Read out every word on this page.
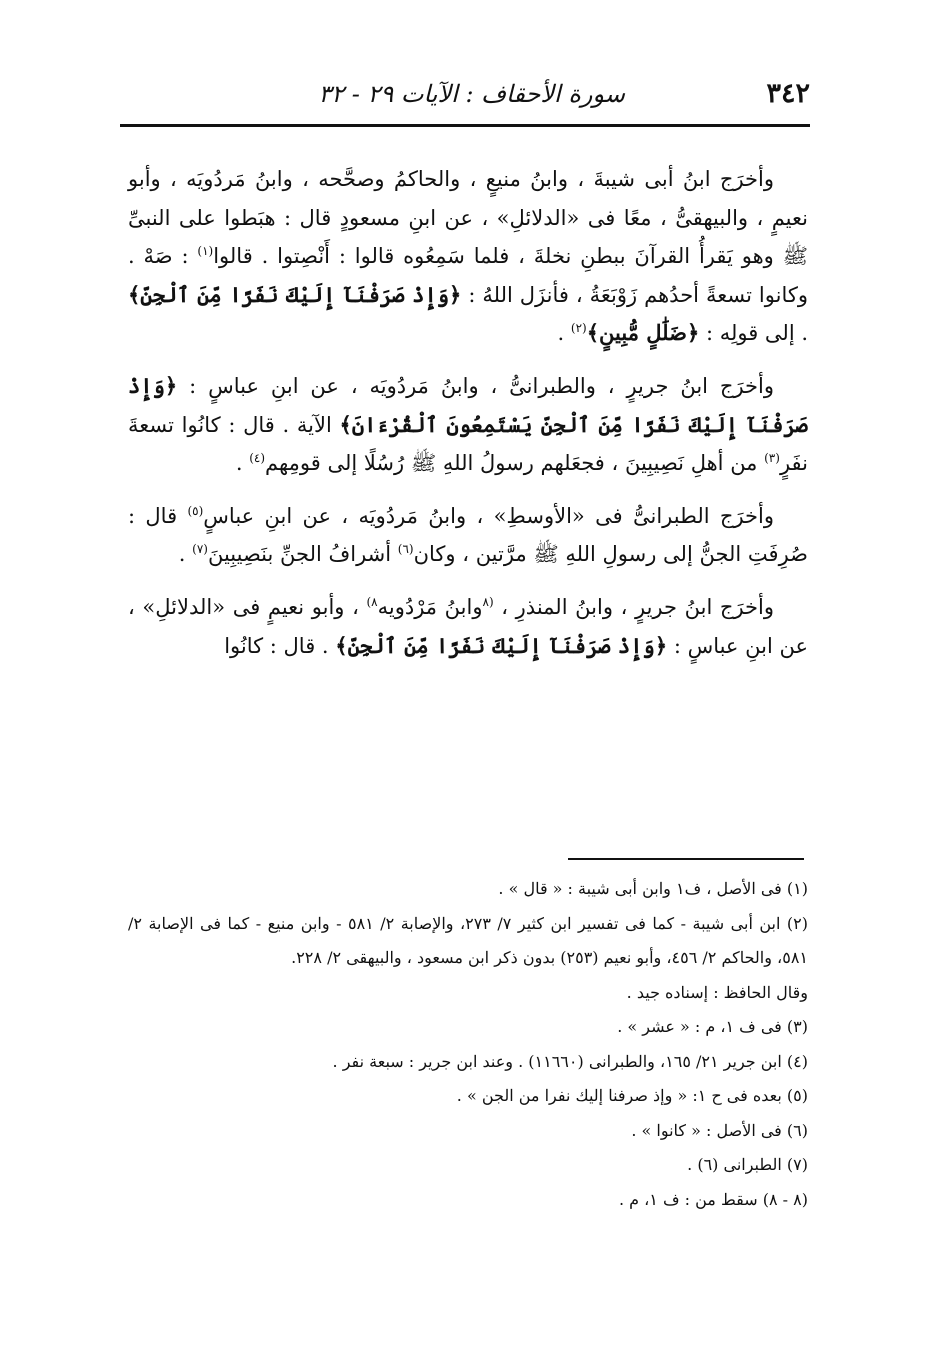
٣٤٢
سورة الأحقاف : الآيات ٢٩ - ٣٢

وأخرَج ابنُ أبى شيبةَ ، وابنُ منيعٍ ، والحاكمُ وصحَّحه ، وابنُ مَردُويَه ، وأبو نعيمٍ ، والبيهقىُّ ، معًا فى «الدلائلِ» ، عن ابنِ مسعودٍ قال : هبَطوا على النبىِّ ﷺ وهو يَقرأُ القرآنَ ببطنِ نخلةَ ، فلما سَمِعُوه قالوا : أَنْصِتوا . قالوا$^{(١)}$ : صَهْ . وكانوا تسعةً أحدُهم زَوْبَعَةُ ، فأنزَل اللهُ : ﴿وَإِذْ صَرَفْنَآ إِلَيْكَ نَفَرًا مِّنَ ٱلْجِنِّ﴾ . إلى قولِه : ﴿ضَلَٰلٍ مُّبِينٍ﴾$^{(٢)}$ .

وأخرَج ابنُ جريرٍ ، والطبرانىُّ ، وابنُ مَردُويَه ، عن ابنِ عباسٍ : ﴿وَإِذْ صَرَفْنَآ إِلَيْكَ نَفَرًا مِّنَ ٱلْجِنِّ يَسْتَمِعُونَ ٱلْقُرْءَانَ﴾ الآية . قال : كانُوا تسعةَ نفَرٍ$^{(٣)}$ من أهلِ نَصِيبِينَ ، فجعَلهم رسولُ اللهِ ﷺ رُسُلًا إلى قومِهم$^{(٤)}$ .

وأخرَج الطبرانىُّ فى «الأوسطِ» ، وابنُ مَردُويَه ، عن ابنِ عباسٍ$^{(٥)}$ قال : صُرِفَتِ الجنُّ إلى رسولِ اللهِ ﷺ مرَّتين ، وكان$^{(٦)}$ أشرافُ الجنِّ بنَصِيبِينَ$^{(٧)}$ .

وأخرَج ابنُ جريرٍ ، وابنُ المنذرِ ، $^{(٨}$وابنُ مَرْدُويه$^{٨)}$ ، وأبو نعيمٍ فى «الدلائلِ» ، عن ابنِ عباسٍ : ﴿وَإِذْ صَرَفْنَآ إِلَيْكَ نَفَرًا مِّنَ ٱلْجِنِّ﴾ . قال : كانُوا

(١) فى الأصل ، ف١ وابن أبى شيبة : « قال » .

(٢) ابن أبى شيبة - كما فى تفسير ابن كثير ٧/ ٢٧٣، والإصابة ٢/ ٥٨١ - وابن منيع - كما فى الإصابة ٢/ ٥٨١، والحاكم ٢/ ٤٥٦، وأبو نعيم (٢٥٣) بدون ذكر ابن مسعود ، والبيهقى ٢/ ٢٢٨.

وقال الحافظ : إسناده جيد .

(٣) فى ف ١، م : « عشر » .

(٤) ابن جرير ٢١/ ١٦٥، والطبرانى (١١٦٦٠) . وعند ابن جرير : سبعة نفر .

(٥) بعده فى ح ١: « وإذ صرفنا إليك نفرا من الجن » .

(٦) فى الأصل : « كانوا » .

(٧) الطبرانى (٦) .

(٨ - ٨) سقط من : ف ١، م .
